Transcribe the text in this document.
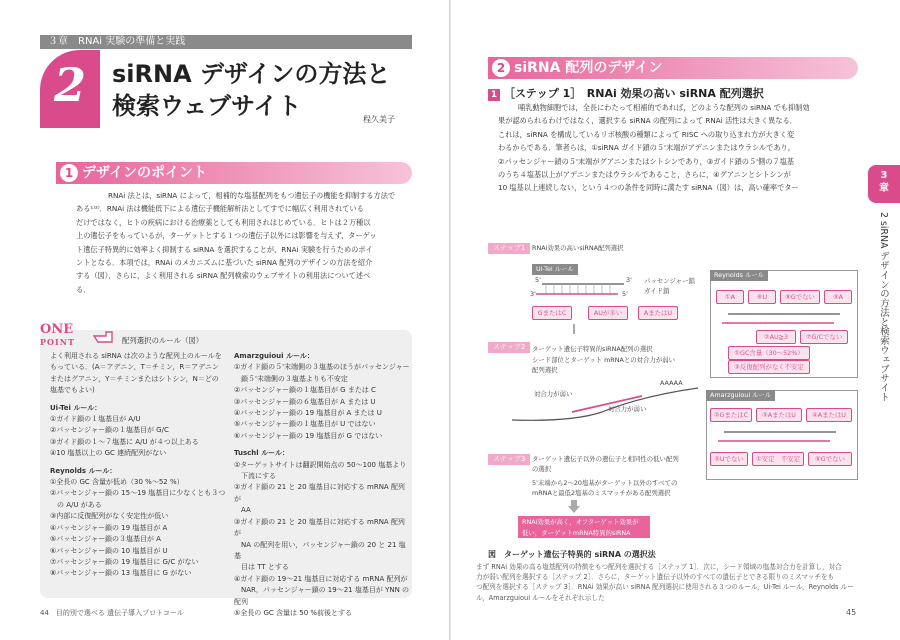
３章　RNAi 実験の準備と実践
2 siRNA デザインの方法と
検索ウェブサイト	程久美子
1 デザインのポイント
RNAi 法とは，siRNA によって，相補的な塩基配列をもつ遺伝子の機能を抑制する方法で
ある¹⁾²⁾．RNAi 法は機能低下による遺伝子機能解析法としてすでに幅広く利用されている
だけではなく，ヒトの疾病における治療薬としても利用されはじめている．ヒトは２万種以
上の遺伝子をもっているが，ターゲットとする１つの遺伝子以外には影響を与えず，ターゲッ
ト遺伝子特異的に効率よく抑制する siRNA を選択することが，RNAi 実験を行うためのポイ
ントとなる．本項では，RNAi のメカニズムに基づいた siRNA 配列のデザインの方法を紹介
する（図）．さらに，よく利用される siRNA 配列検索のウェブサイトの利用法について述べ
る．
ONE
POINT	配列選択のルール（図）
よく利用される siRNA は次のような配列上のルールを
もっている．(A＝アデニン，T＝チミン，R＝アデニン
またはグアニン，Y＝チミンまたはシトシン，N＝どの
塩基でもよい)
Ui-Tei ルール：
①ガイド鎖の１塩基目が A/U
②パッセンジャー鎖の１塩基目が G/C
③ガイド鎖の１〜７塩基に A/U が４つ以上ある
④10 塩基以上の GC 連続配列がない
Reynolds ルール：
①全長の GC 含量が低め（30 %〜52 %）
②パッセンジャー鎖の 15〜19 塩基目に少なくとも３つ
　の A/U がある
③内部に反復配列がなく安定性が低い
④パッセンジャー鎖の 19 塩基目が A
⑤パッセンジャー鎖の３塩基目が A
⑥パッセンジャー鎖の 10 塩基目が U
⑦パッセンジャー鎖の 19 塩基目に G/C がない
⑧パッセンジャー鎖の 13 塩基目に G がない
Amarzguioui ルール：
①ガイド鎖の５'末端側の３塩基のほうがパッセンジャー
　鎖５'末端側の３塩基よりも不安定
②パッセンジャー鎖の１塩基目が G または C
③パッセンジャー鎖の６塩基目が A または U
④パッセンジャー鎖の 19 塩基目が A または U
⑤パッセンジャー鎖の１塩基目が U ではない
⑥パッセンジャー鎖の 19 塩基目が G ではない
Tuschl ルール：
①ターゲットサイトは翻訳開始点の 50〜100 塩基より
　下流にする
②ガイド鎖の 21 と 20 塩基目に対応する mRNA 配列が
　AA
③ガイド鎖の 21 と 20 塩基目に対応する mRNA 配列が
　NA の配列を用い，パッセンジャー鎖の 20 と 21 塩基
　目は TT とする
④ガイド鎖の 19〜21 塩基目に対応する mRNA 配列が
　NAR，パッセンジャー鎖の 19〜21 塩基目が YNN の配列
⑤全長の GC 含量は 50 %前後とする
44　目的別で選べる 遺伝子導入プロトコール
2 siRNA 配列のデザイン
1 ［ステップ 1］　RNAi 効果の高い siRNA 配列選択
哺乳動物細胞では，全長にわたって相補的であれば，どのような配列の siRNA でも抑制効
果が認められるわけではなく，選択する siRNA の配列によって RNAi 活性は大きく異なる．
これは，siRNA を構成しているリボ核酸の種類によって RISC への取り込まれ方が大きく変
わるからである．筆者らは，①siRNA ガイド鎖の５'末端がアデニンまたはウラシルであり，
②パッセンジャー鎖の５'末端がグアニンまたはシトシンであり，③ガイド鎖の５'側の７塩基
のうち４塩基以上がアデニンまたはウラシルであること，さらに，④グアニンとシトシンが
10 塩基以上連続しない，という４つの条件を同時に満たす siRNA（図）は，高い確率でター
3
章
2 siRNA デザインの方法と検索ウェブサイト
ステップ1	RNAi効果の高いsiRNA配列選択
Ui-Tei ルール
5'
3'
3'
5'
パッセンジャー鎖
ガイド鎖
GまたはC	AUが多い	AまたはU
Reynolds ルール
①A	⑥U	⑧Gでない	③A
②AU≧3	⑦G/Cでない
①GC含量（30〜52%）
③反復配列がなく不安定
ステップ2	ターゲット遺伝子特異的siRNA配列の選択
シード部位とターゲット mRNAとの対合力が弱い
配列選択
AAAAA
対合力が弱い
対合力が弱い
Amarzguioui ルール
②GまたはC	③AまたはU	④AまたはU
⑤Uでない	①安定　不安定	⑥Gでない
ステップ3	ターゲット遺伝子以外の遺伝子と相同性の低い配列
の選択
5'末端から2〜20塩基がターゲット以外のすべての
mRNAと最低2塩基のミスマッチがある配列選択
RNAi効果が高く，オフターゲット効果が
低い，ターゲットmRNA特異的siRNA
図　ターゲット遺伝子特異的 siRNA の選択法
まず RNAi 効果の高る塩基配列の特徴をもつ配列を選択する［ステップ 1］．次に，シード領域の塩基対合力を計算し，対合
力が弱い配列を選択する［ステップ 2］．さらに，ターゲット遺伝子以外のすべての遺伝子とできる限りのミスマッチをも
つ配列を選択する［ステップ 3］．RNAi 効果が高い siRNA 配列選択に使用される３つのルール，Ui-Tei ルール，Reynolds ルー
ル，Amarzguioui ルールをそれぞれ示した
45
